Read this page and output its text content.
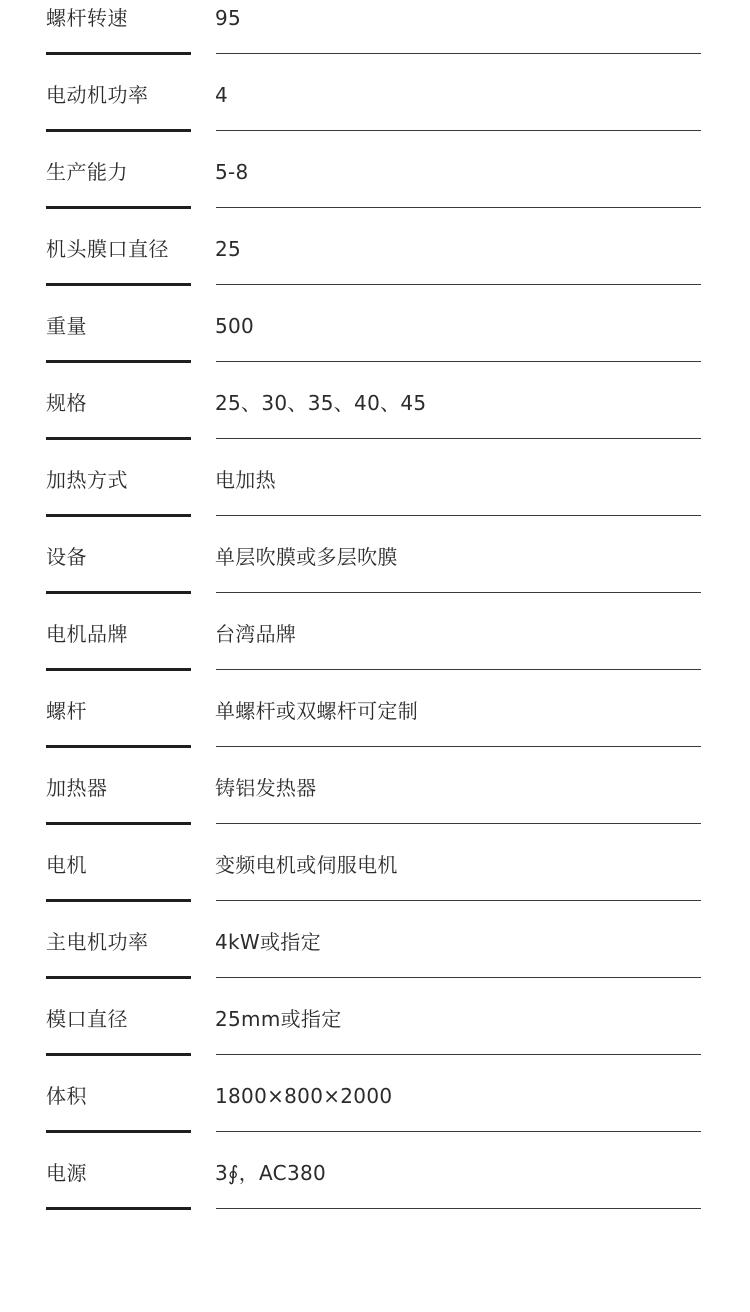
螺杆转速	95
电动机功率	4
生产能力	5-8
机头膜口直径	25
重量	500
规格	25、30、35、40、45
加热方式	电加热
设备	单层吹膜或多层吹膜
电机品牌	台湾品牌
螺杆	单螺杆或双螺杆可定制
加热器	铸铝发热器
电机	变频电机或伺服电机
主电机功率	4kW或指定
模口直径	25mm或指定
体积	1800×800×2000
电源	3∮，AC380
